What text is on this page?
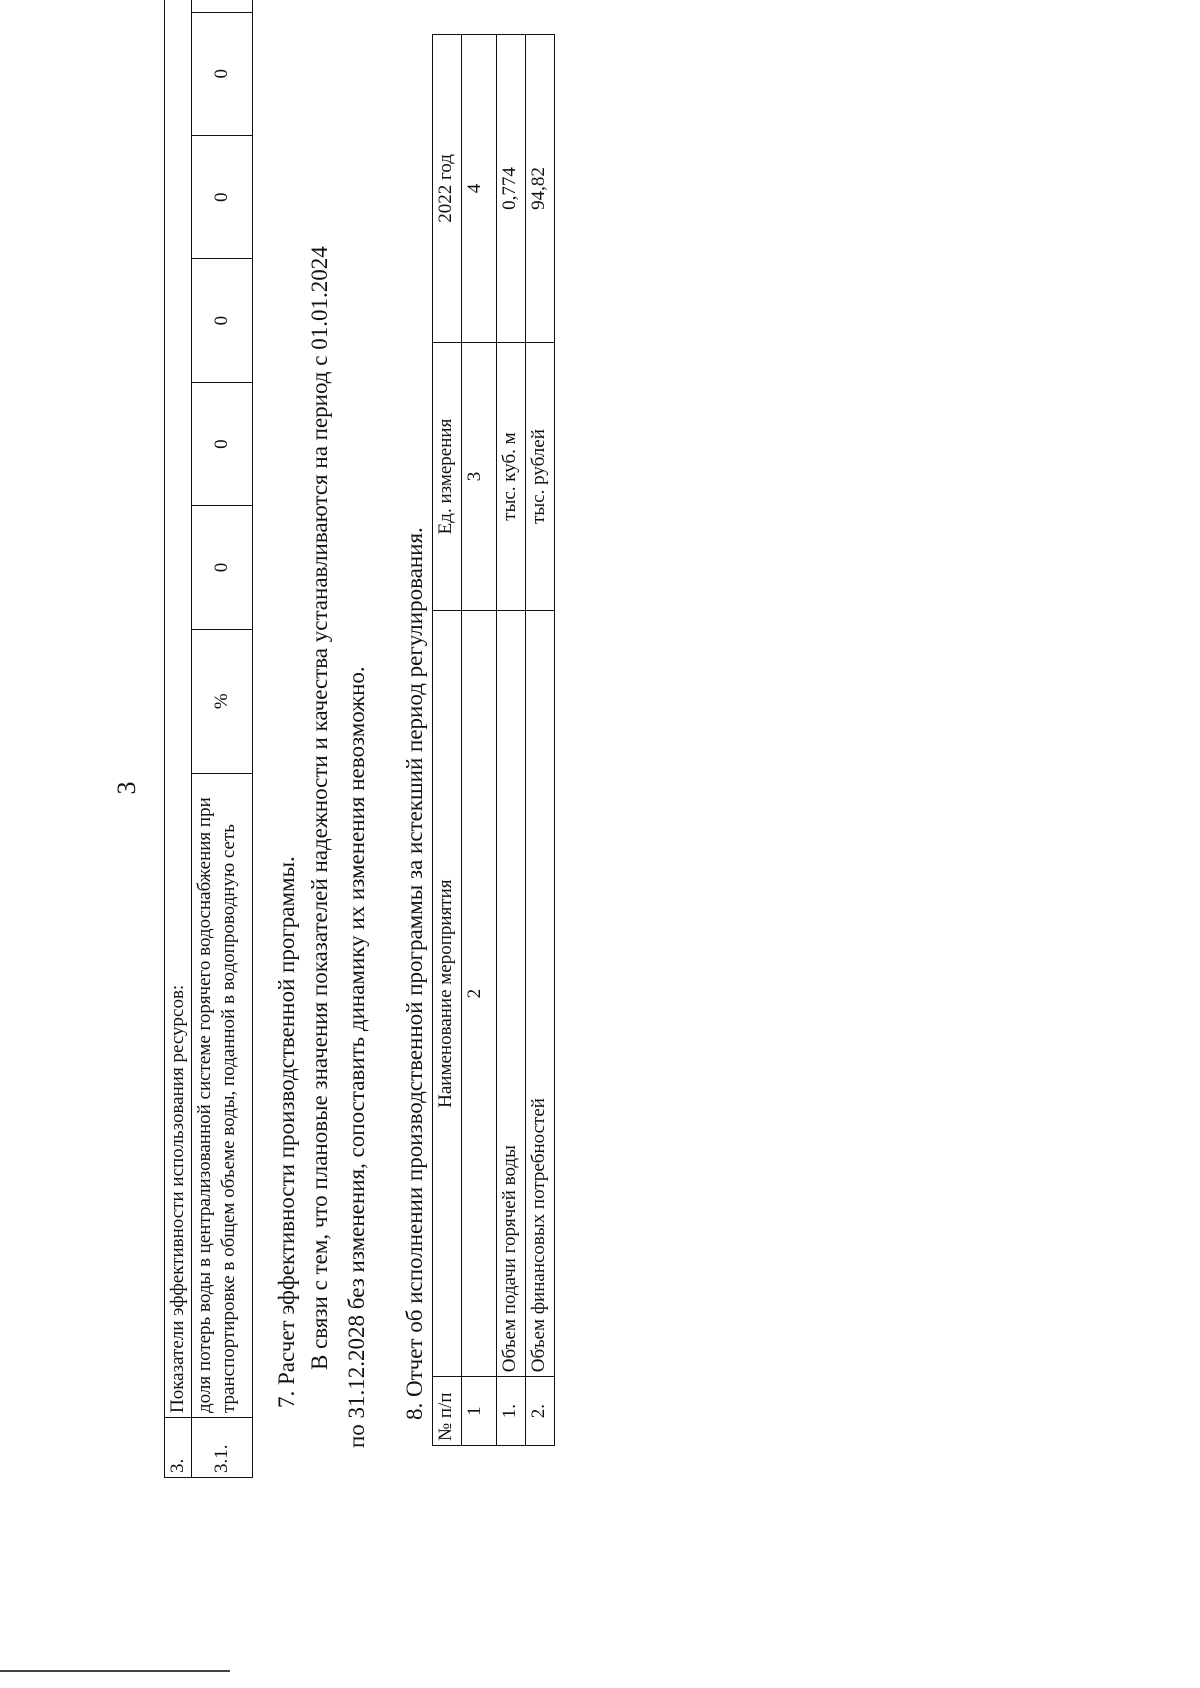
3
3.	Показатели эффективности использования ресурсов:							
3.1.	доля потерь воды в централизованной системе горячего водоснабжения при транспортировке в общем объеме воды, поданной в водопроводную сеть	%	0	0	0	0	0	
7. Расчет эффективности производственной программы. В связи с тем, что плановые значения показателей надежности и качества устанавливаются на период с 01.01.2024 по 31.12.2028 без изменения, сопоставить динамику их изменения невозможно. 8. Отчет об исполнении производственной программы за истекший период регулирования. № п/п	Наименование мероприятия	Ед. измерения	2022 год
1	2	3	4
1.	Объем подачи горячей воды	тыс. куб. м	0,774
2.	Объем финансовых потребностей	тыс. рублей	94,82
